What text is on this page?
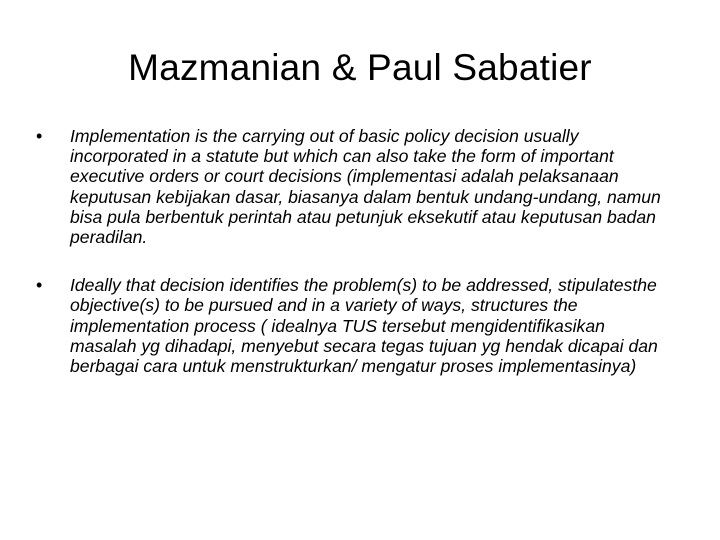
Mazmanian & Paul Sabatier
• Implementation is the carrying out of basic policy decision usually incorporated in a statute but which can also take the form of important executive orders or court decisions (implementasi adalah pelaksanaan keputusan kebijakan dasar, biasanya dalam bentuk undang-undang, namun bisa pula berbentuk perintah atau petunjuk eksekutif atau keputusan badan peradilan.
• Ideally that decision identifies the problem(s) to be addressed, stipulatesthe objective(s) to be pursued and in a variety of ways, structures the implementation process ( idealnya TUS tersebut mengidentifikasikan masalah yg dihadapi, menyebut secara tegas tujuan yg hendak dicapai dan berbagai cara untuk menstrukturkan/ mengatur proses implementasinya)
